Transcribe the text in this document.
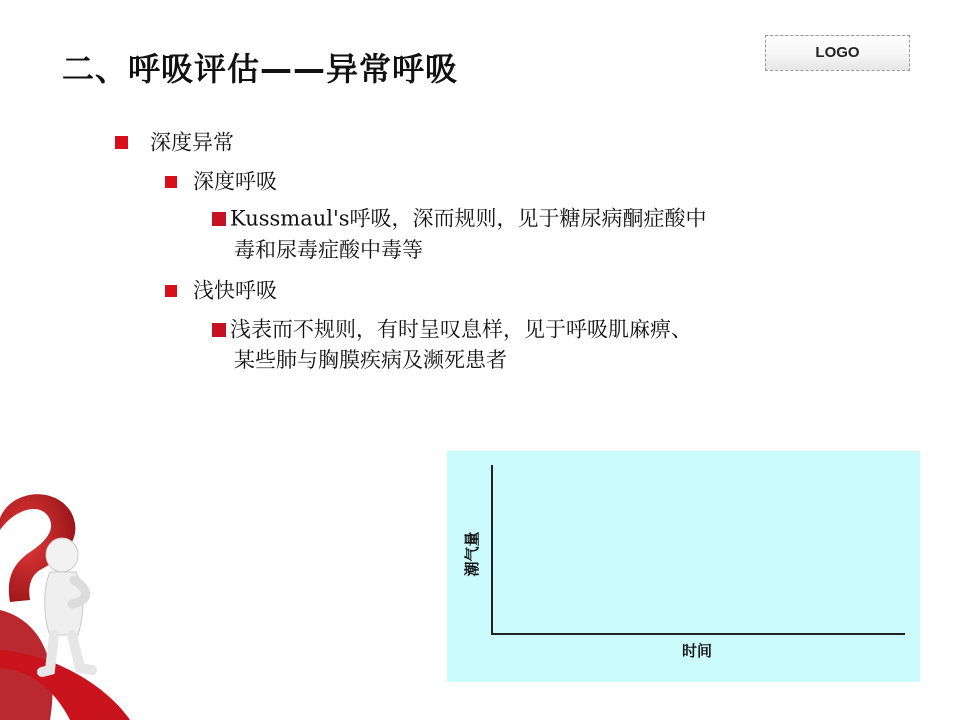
二、呼吸评估——异常呼吸	LOGO
深度异常
深度呼吸
Kussmaul's呼吸，深而规则，见于糖尿病酮症酸中
毒和尿毒症酸中毒等
浅快呼吸
浅表而不规则，有时呈叹息样，见于呼吸肌麻痹、
某些肺与胸膜疾病及濒死患者
潮气量
时间
